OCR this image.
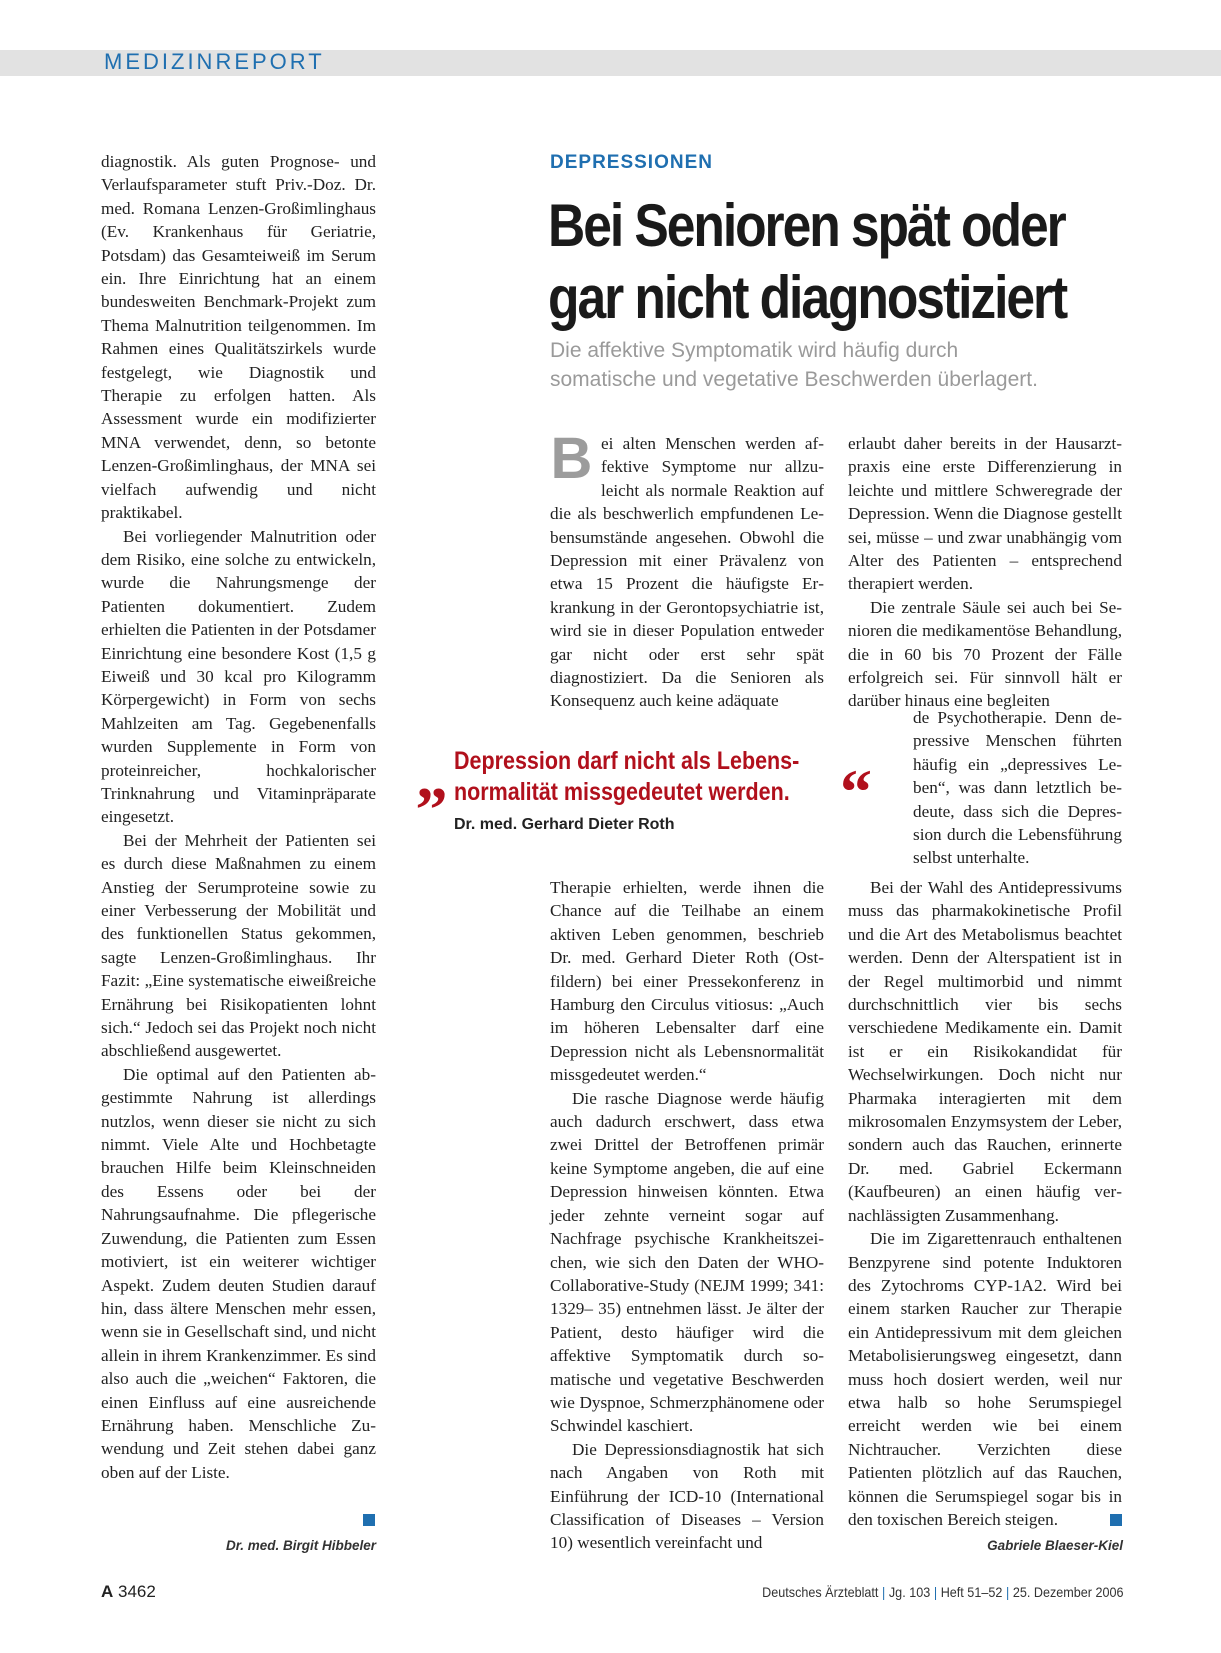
MEDIZINREPORT

diagnostik. Als guten Prognose- und Verlaufsparameter stuft Priv.-Doz. Dr. med. Romana Lenzen-Großimlinghaus (Ev. Krankenhaus für Geriatrie, Potsdam) das Gesamteiweiß im Serum ein. Ihre Einrichtung hat an einem bundesweiten Benchmark-Projekt zum Thema Malnutrition teilgenommen. Im Rahmen eines Qualitätszirkels wurde festgelegt, wie Diagnostik und Therapie zu erfolgen hatten. Als Assessment wurde ein modifizierter MNA verwendet, denn, so betonte Lenzen-Großimlinghaus, der MNA sei vielfach aufwendig und nicht praktikabel.

Bei vorliegender Malnutrition oder dem Risiko, eine solche zu entwickeln, wurde die Nahrungsmenge der Patienten dokumentiert. Zudem erhielten die Patienten in der Potsdamer Einrichtung eine besondere Kost (1,5 g Eiweiß und 30 kcal pro Kilogramm Körpergewicht) in Form von sechs Mahlzeiten am Tag. Gegebenenfalls wurden Supplemente in Form von proteinreicher, hochkalorischer Trinknahrung und Vitaminpräparate eingesetzt.

Bei der Mehrheit der Patienten sei es durch diese Maßnahmen zu einem Anstieg der Serumproteine sowie zu einer Verbesserung der Mobilität und des funktionellen Status gekommen, sagte Lenzen-Großimlinghaus. Ihr Fazit: „Eine systematische eiweißreiche Ernährung bei Risikopatienten lohnt sich.“ Jedoch sei das Projekt noch nicht abschließend ausgewertet.

Die optimal auf den Patienten abgestimmte Nahrung ist allerdings nutzlos, wenn dieser sie nicht zu sich nimmt. Viele Alte und Hochbetagte brauchen Hilfe beim Kleinschneiden des Essens oder bei der Nahrungsaufnahme. Die pflegerische Zuwendung, die Patienten zum Essen motiviert, ist ein weiterer wichtiger Aspekt. Zudem deuten Studien darauf hin, dass ältere Menschen mehr essen, wenn sie in Gesellschaft sind, und nicht allein in ihrem Krankenzimmer. Es sind also auch die „weichen“ Faktoren, die einen Einfluss auf eine ausreichende Ernährung haben. Menschliche Zuwendung und Zeit stehen dabei ganz oben auf der Liste.

Dr. med. Birgit Hibbeler
DEPRESSIONEN
Bei Senioren spät oder
gar nicht diagnostiziert
Die affektive Symptomatik wird häufig durch
somatische und vegetative Beschwerden überlagert.

Bei alten Menschen werden affektive Symptome nur allzuleicht als normale Reaktion auf die als beschwerlich empfundenen Lebensumstände angesehen. Obwohl die Depression mit einer Prävalenz von etwa 15 Prozent die häufigste Erkrankung in der Gerontopsychiatrie ist, wird sie in dieser Population entweder gar nicht oder erst sehr spät diagnostiziert. Da die Senioren als Konsequenz auch keine adäquate

„ Depression darf nicht als Lebens-
normalität missgedeutet werden. “
Dr. med. Gerhard Dieter Roth

Therapie erhielten, werde ihnen die Chance auf die Teilhabe an einem aktiven Leben genommen, beschrieb Dr. med. Gerhard Dieter Roth (Ostfildern) bei einer Pressekonferenz in Hamburg den Circulus vitiosus: „Auch im höheren Lebensalter darf eine Depression nicht als Lebensnormalität missgedeutet werden.“

Die rasche Diagnose werde häufig auch dadurch erschwert, dass etwa zwei Drittel der Betroffenen primär keine Symptome angeben, die auf eine Depression hinweisen könnten. Etwa jeder zehnte verneint sogar auf Nachfrage psychische Krankheitszeichen, wie sich den Daten der WHO-Collaborative-Study (NEJM 1999; 341: 1329– 35) entnehmen lässt. Je älter der Patient, desto häufiger wird die affektive Symptomatik durch somatische und vegetative Beschwerden wie Dyspnoe, Schmerzphänomene oder Schwindel kaschiert.

Die Depressionsdiagnostik hat sich nach Angaben von Roth mit Einführung der ICD-10 (International Classification of Diseases – Version 10) wesentlich vereinfacht und

erlaubt daher bereits in der Hausarztpraxis eine erste Differenzierung in leichte und mittlere Schweregrade der Depression. Wenn die Diagnose gestellt sei, müsse – und zwar unabhängig vom Alter des Patienten – entsprechend therapiert werden.

Die zentrale Säule sei auch bei Senioren die medikamentöse Behandlung, die in 60 bis 70 Prozent der Fälle erfolgreich sei. Für sinnvoll hält er darüber hinaus eine begleiten

de Psychotherapie. Denn depressive Menschen führten häufig ein „depressives Leben“, was dann letztlich bedeute, dass sich die Depression durch die Lebensführung selbst unterhalte.

Bei der Wahl des Antidepressivums muss das pharmakokinetische Profil und die Art des Metabolismus beachtet werden. Denn der Alterspatient ist in der Regel multimorbid und nimmt durchschnittlich vier bis sechs verschiedene Medikamente ein. Damit ist er ein Risikokandidat für Wechselwirkungen. Doch nicht nur Pharmaka interagierten mit dem mikrosomalen Enzymsystem der Leber, sondern auch das Rauchen, erinnerte Dr. med. Gabriel Eckermann (Kaufbeuren) an einen häufig vernachlässigten Zusammenhang.

Die im Zigarettenrauch enthaltenen Benzpyrene sind potente Induktoren des Zytochroms CYP-1A2. Wird bei einem starken Raucher zur Therapie ein Antidepressivum mit dem gleichen Metabolisierungsweg eingesetzt, dann muss hoch dosiert werden, weil nur etwa halb so hohe Serumspiegel erreicht werden wie bei einem Nichtraucher. Verzichten diese Patienten plötzlich auf das Rauchen, können die Serumspiegel sogar bis in den toxischen Bereich steigen.

Gabriele Blaeser-Kiel
A 3462	Deutsches Ärzteblatt | Jg. 103 | Heft 51–52 | 25. Dezember 2006
